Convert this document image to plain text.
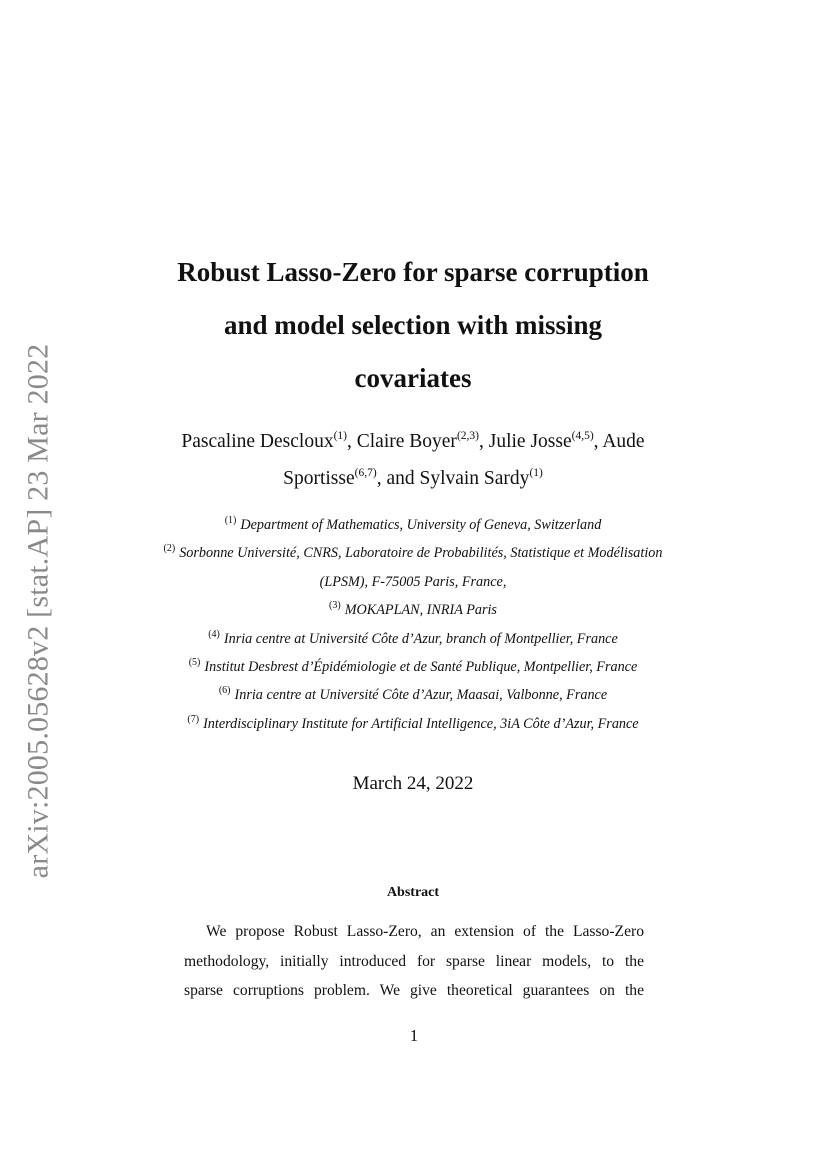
arXiv:2005.05628v2 [stat.AP] 23 Mar 2022
Robust Lasso-Zero for sparse corruption
and model selection with missing
covariates
Pascaline Descloux$^{(1)}$, Claire Boyer$^{(2,3)}$, Julie Josse$^{(4,5)}$, Aude
Sportisse$^{(6,7)}$, and Sylvain Sardy$^{(1)}$
$^{(1)}$ Department of Mathematics, University of Geneva, Switzerland
$^{(2)}$ Sorbonne Université, CNRS, Laboratoire de Probabilités, Statistique et Modélisation
(LPSM), F-75005 Paris, France,
$^{(3)}$ MOKAPLAN, INRIA Paris
$^{(4)}$ Inria centre at Université Côte d’Azur, branch of Montpellier, France
$^{(5)}$ Institut Desbrest d’Épidémiologie et de Santé Publique, Montpellier, France
$^{(6)}$ Inria centre at Université Côte d’Azur, Maasai, Valbonne, France
$^{(7)}$ Interdisciplinary Institute for Artificial Intelligence, 3iA Côte d’Azur, France
March 24, 2022
Abstract
We propose Robust Lasso-Zero, an extension of the Lasso-Zero
methodology, initially introduced for sparse linear models, to the
sparse corruptions problem. We give theoretical guarantees on the
1
